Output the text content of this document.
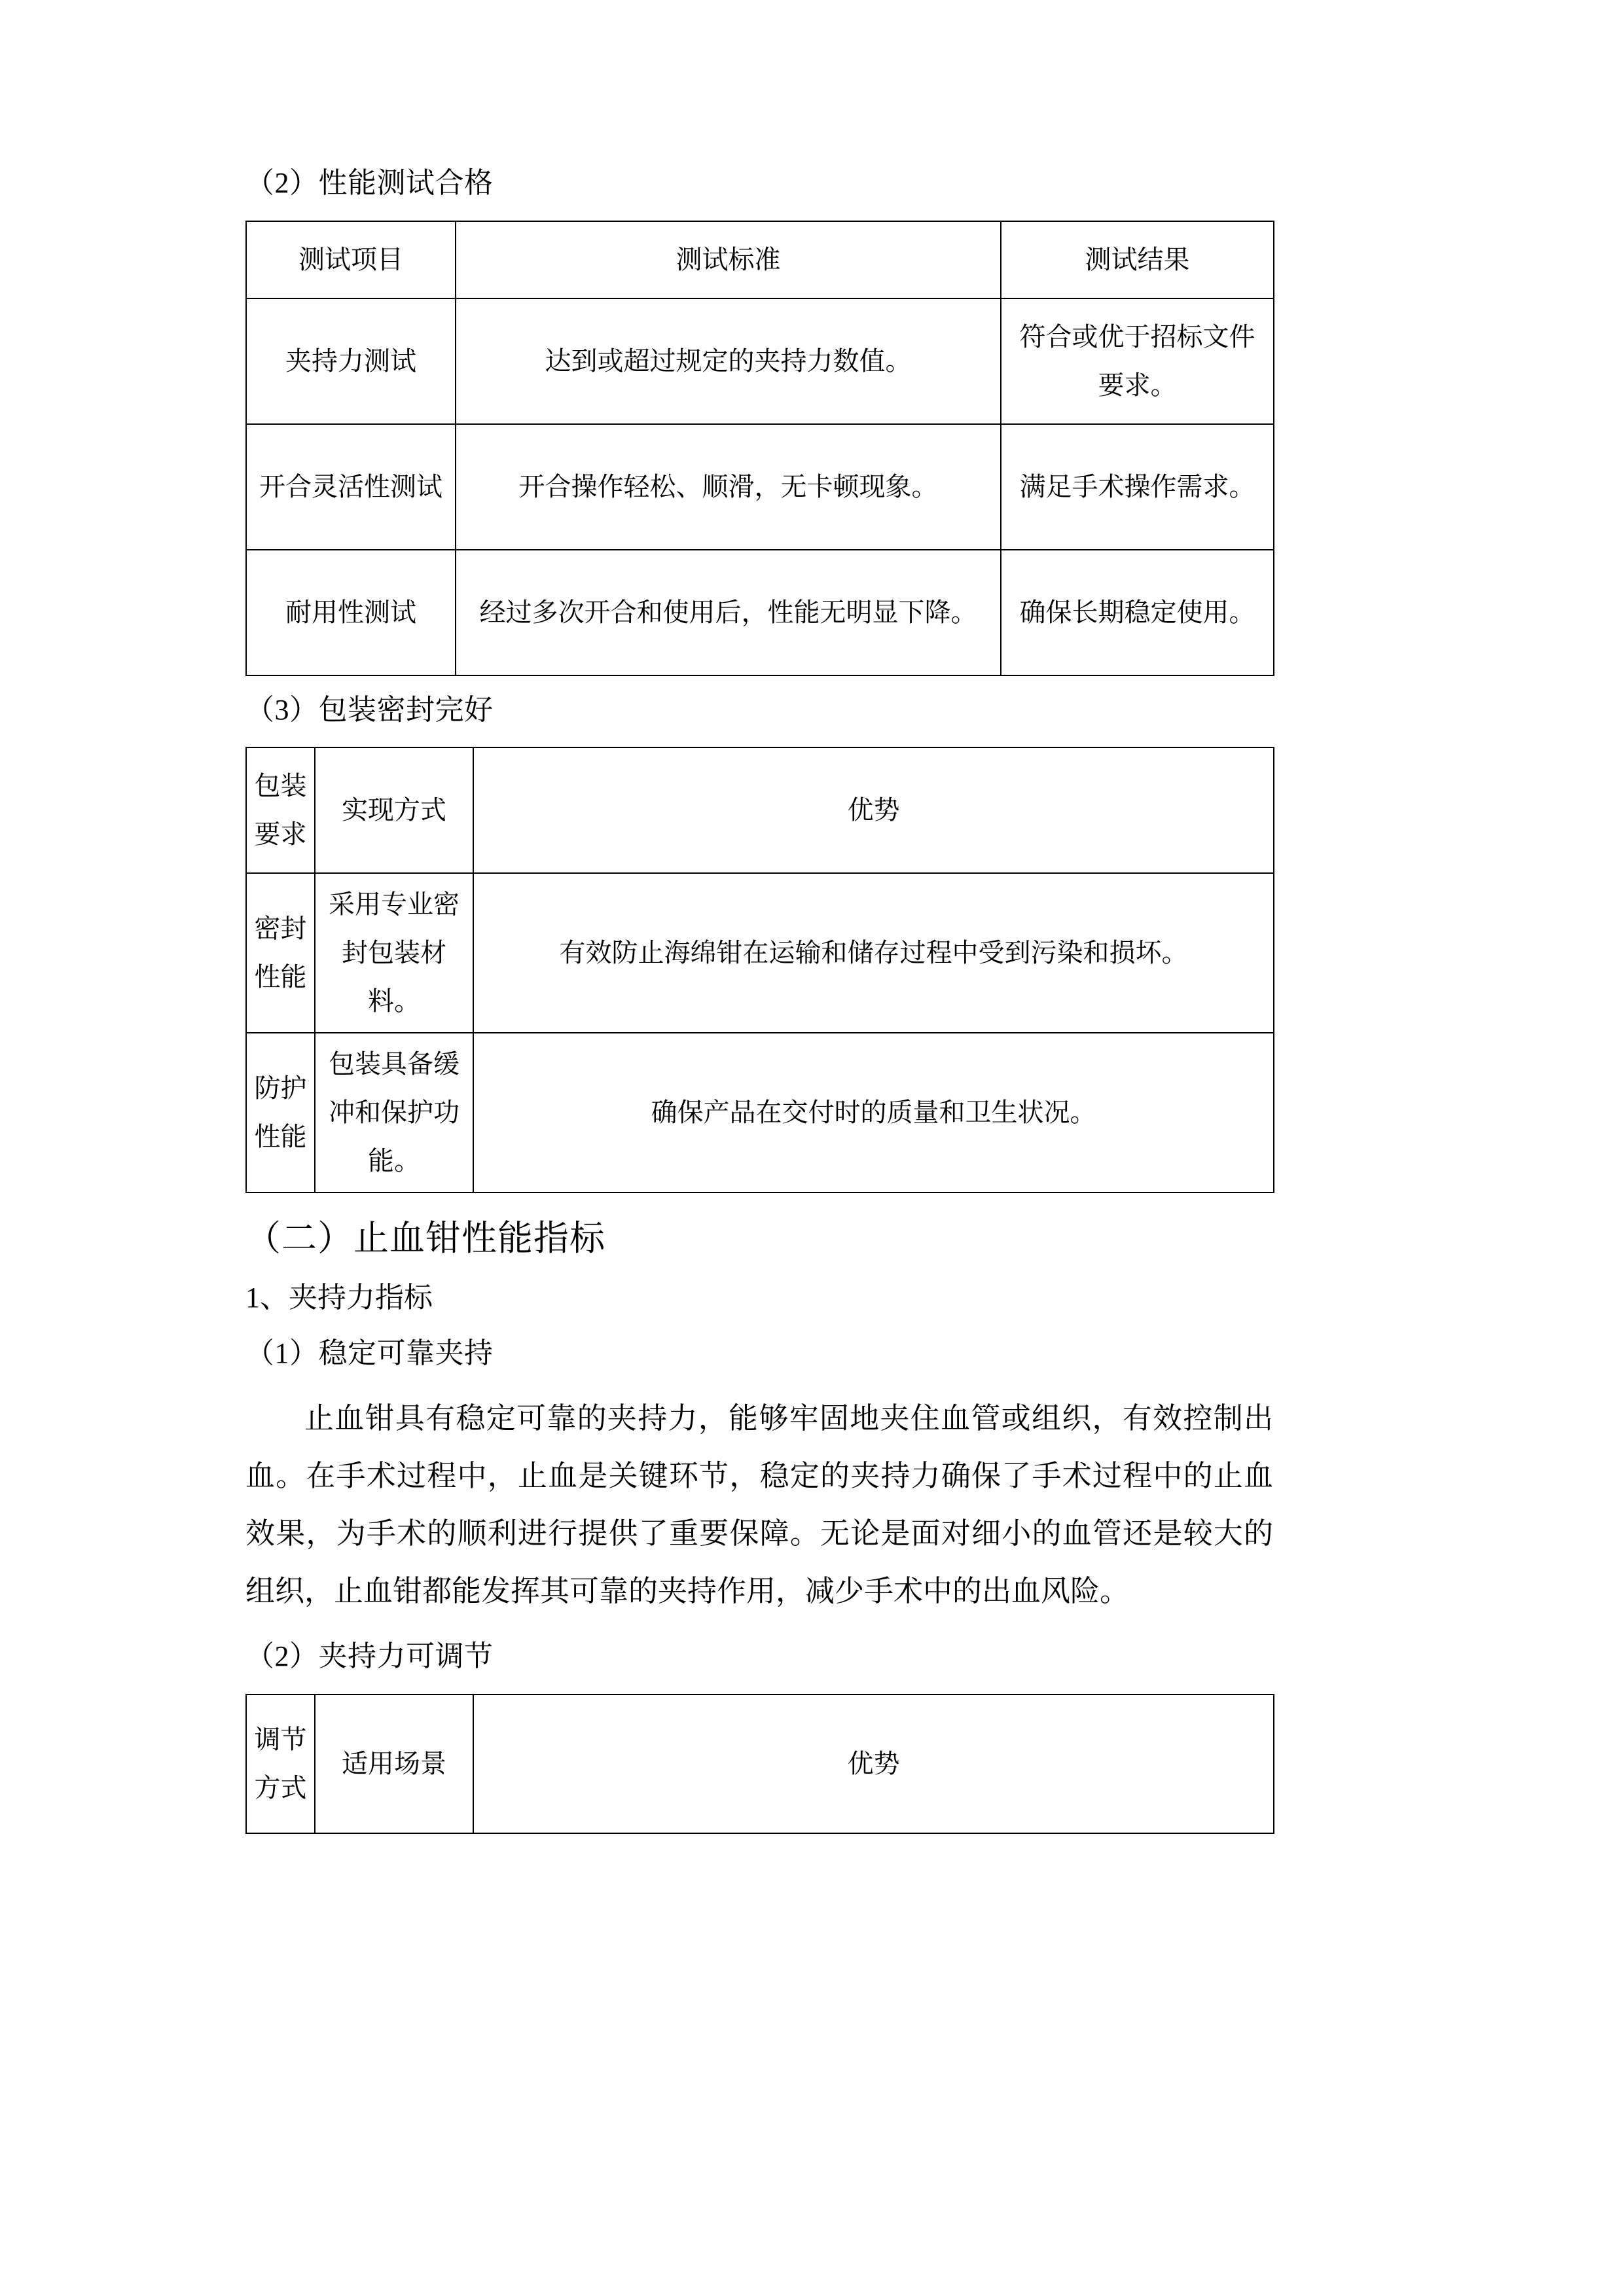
（2）性能测试合格
测试项目	测试标准	测试结果
夹持力测试	达到或超过规定的夹持力数值。	符合或优于招标文件要求。
开合灵活性测试	开合操作轻松、顺滑，无卡顿现象。	满足手术操作需求。
耐用性测试	经过多次开合和使用后，性能无明显下降。	确保长期稳定使用。
（3）包装密封完好
包装要求	实现方式	优势
密封性能	采用专业密封包装材料。	有效防止海绵钳在运输和储存过程中受到污染和损坏。
防护性能	包装具备缓冲和保护功能。	确保产品在交付时的质量和卫生状况。
（二）止血钳性能指标
1、夹持力指标
（1）稳定可靠夹持

止血钳具有稳定可靠的夹持力，能够牢固地夹住血管或组织，有效控制出血。在手术过程中，止血是关键环节，稳定的夹持力确保了手术过程中的止血效果，为手术的顺利进行提供了重要保障。无论是面对细小的血管还是较大的组织，止血钳都能发挥其可靠的夹持作用，减少手术中的出血风险。

（2）夹持力可调节
调节方式	适用场景	优势
